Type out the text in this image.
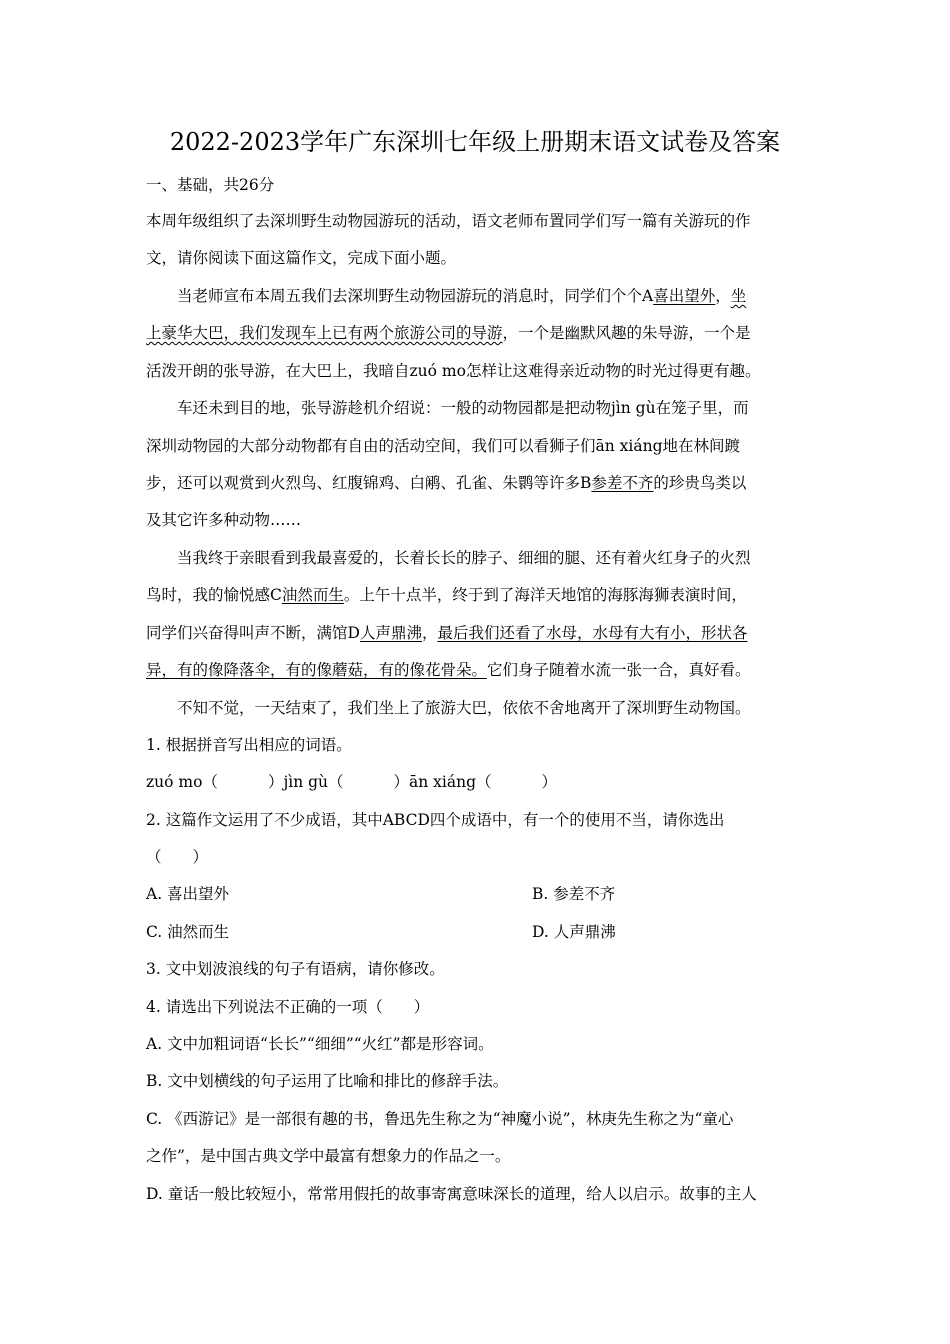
2022-2023学年广东深圳七年级上册期末语文试卷及答案
一、基础，共26分
本周年级组织了去深圳野生动物园游玩的活动，语文老师布置同学们写一篇有关游玩的作
文，请你阅读下面这篇作文，完成下面小题。
当老师宣布本周五我们去深圳野生动物园游玩的消息时，同学们个个A喜出望外，坐
上豪华大巴，我们发现车上已有两个旅游公司的导游，一个是幽默风趣的朱导游，一个是
活泼开朗的张导游，在大巴上，我暗自zuó mo怎样让这难得亲近动物的时光过得更有趣。
车还未到目的地，张导游趁机介绍说：一般的动物园都是把动物jìn gù在笼子里，而
深圳动物园的大部分动物都有自由的活动空间，我们可以看狮子们ān xiáng地在林间踱
步，还可以观赏到火烈鸟、红腹锦鸡、白鹇、孔雀、朱鹮等许多B参差不齐的珍贵鸟类以
及其它许多种动物……
当我终于亲眼看到我最喜爱的，长着长长的脖子、细细的腿、还有着火红身子的火烈
鸟时，我的愉悦感C油然而生。上午十点半，终于到了海洋天地馆的海豚海狮表演时间，
同学们兴奋得叫声不断，满馆D人声鼎沸，最后我们还看了水母，水母有大有小，形状各
异，有的像降落伞，有的像蘑菇，有的像花骨朵。它们身子随着水流一张一合，真好看。
不知不觉，一天结束了，我们坐上了旅游大巴，依依不舍地离开了深圳野生动物国。
1. 根据拼音写出相应的词语。
zuó mo（	）jìn gù（	）ān xiáng（	）
2. 这篇作文运用了不少成语，其中ABCD四个成语中，有一个的使用不当，请你选出
（　　）
A. 喜出望外	B. 参差不齐
C. 油然而生	D. 人声鼎沸
3. 文中划波浪线的句子有语病，请你修改。
4. 请选出下列说法不正确的一项（　　）
A. 文中加粗词语“长长”“细细”“火红”都是形容词。
B. 文中划横线的句子运用了比喻和排比的修辞手法。
C. 《西游记》是一部很有趣的书，鲁迅先生称之为“神魔小说”，林庚先生称之为“童心
之作”，是中国古典文学中最富有想象力的作品之一。
D. 童话一般比较短小，常常用假托的故事寄寓意味深长的道理，给人以启示。故事的主人
